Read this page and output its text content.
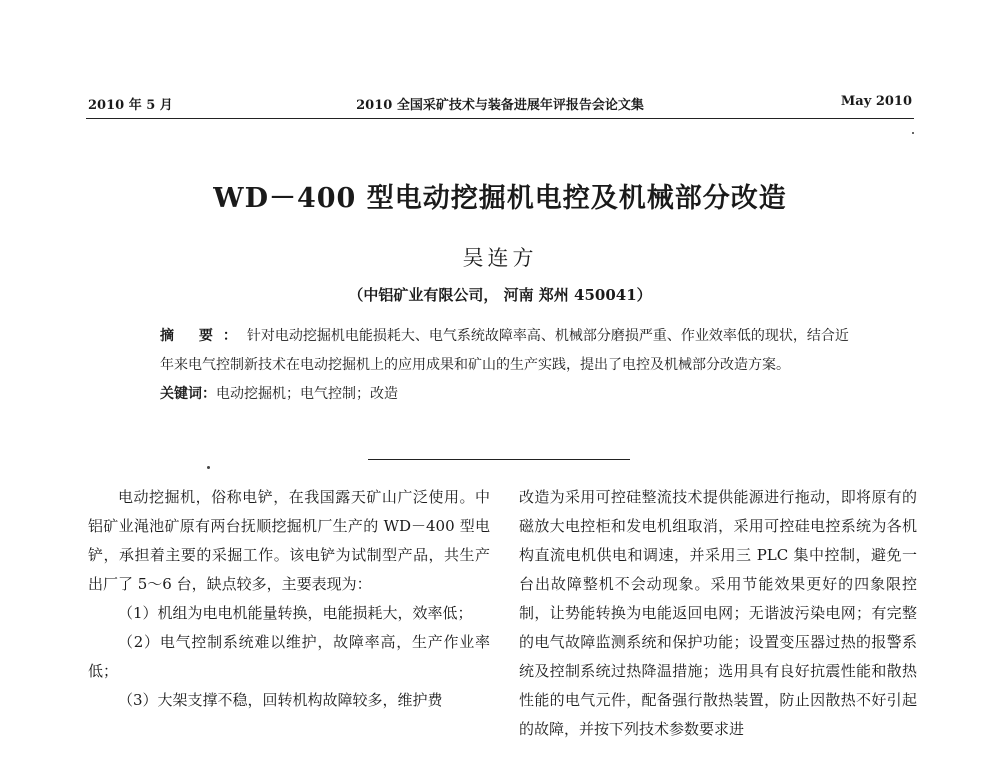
2010 年 5 月	2010 全国采矿技术与装备进展年评报告会论文集	May 2010
WD－400 型电动挖掘机电控及机械部分改造
吴连方
（中铝矿业有限公司， 河南 郑州 450041）

摘 要：针对电动挖掘机电能损耗大、电气系统故障率高、机械部分磨损严重、作业效率低的现状，结合近年来电气控制新技术在电动挖掘机上的应用成果和矿山的生产实践，提出了电控及机械部分改造方案。

关键词：电动挖掘机；电气控制；改造

电动挖掘机，俗称电铲，在我国露天矿山广泛使用。中铝矿业渑池矿原有两台抚顺挖掘机厂生产的 WD－400 型电铲，承担着主要的采掘工作。该电铲为试制型产品，共生产出厂了 5～6 台，缺点较多，主要表现为：

（1）机组为电电机能量转换，电能损耗大，效率低；

（2）电气控制系统难以维护，故障率高，生产作业率低；

（3）大架支撑不稳，回转机构故障较多，维护费

改造为采用可控硅整流技术提供能源进行拖动，即将原有的磁放大电控柜和发电机组取消，采用可控硅电控系统为各机构直流电机供电和调速，并采用三 PLC 集中控制，避免一台出故障整机不会动现象。采用节能效果更好的四象限控制，让势能转换为电能返回电网；无谐波污染电网；有完整的电气故障监测系统和保护功能；设置变压器过热的报警系统及控制系统过热降温措施；选用具有良好抗震性能和散热性能的电气元件，配备强行散热装置，防止因散热不好引起的故障，并按下列技术参数要求进
